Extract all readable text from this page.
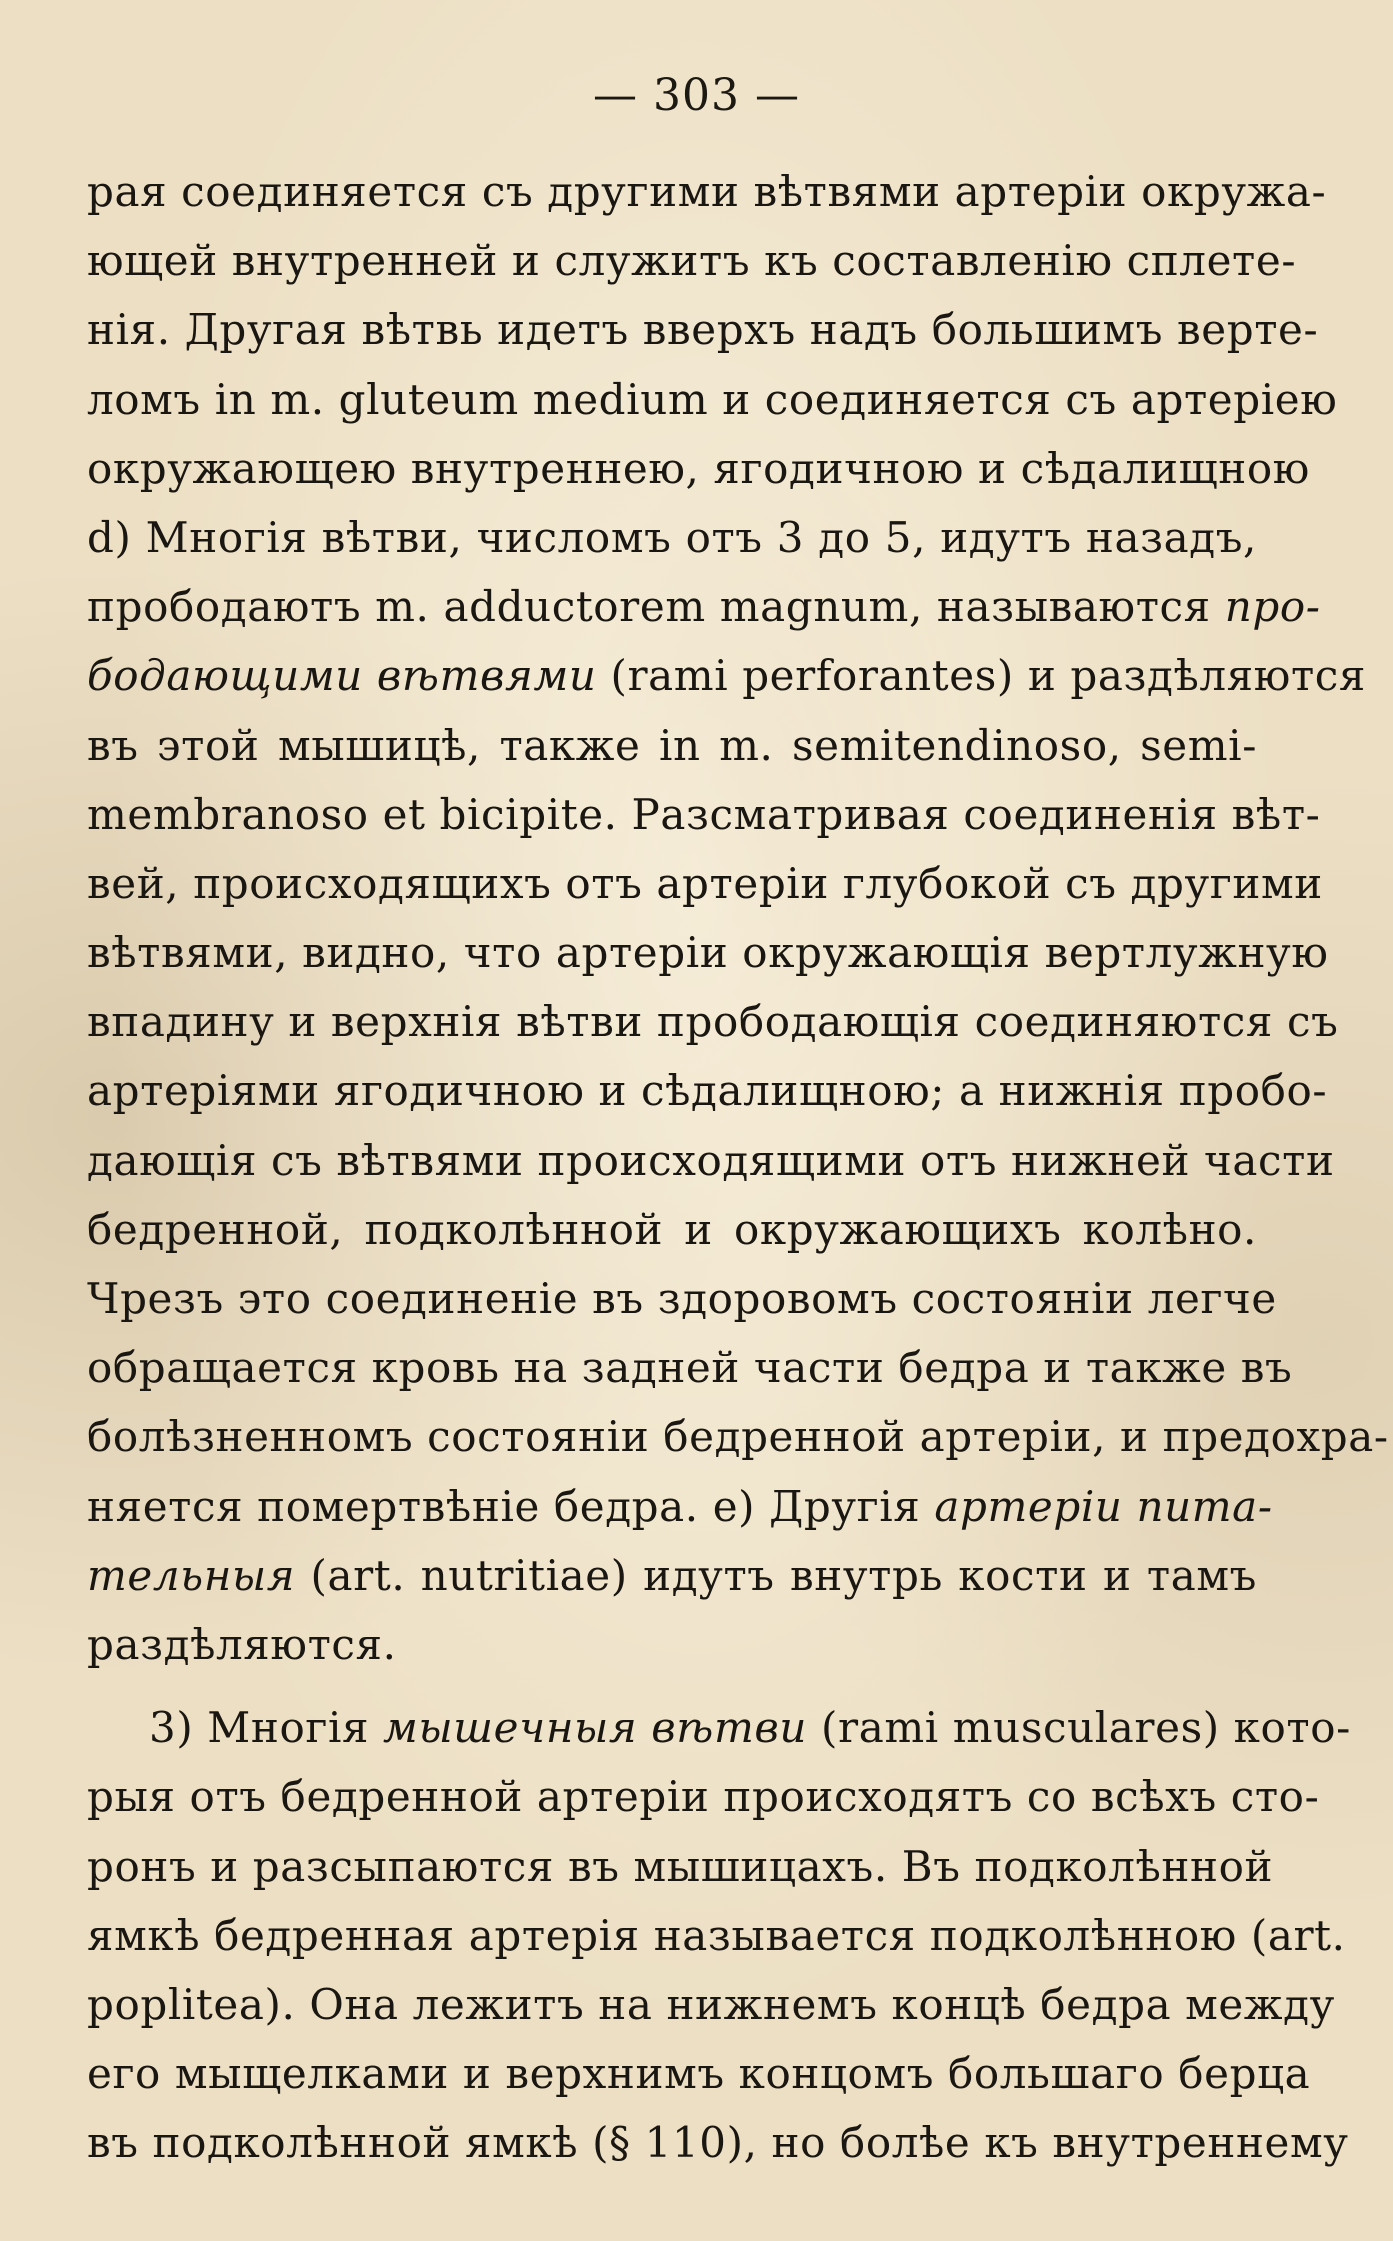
— 303 —
рая соединяется съ другими вѣтвями артеріи окружа-
ющей внутренней и служитъ къ составленію сплете-
нія. Другая вѣтвь идетъ вверхъ надъ большимъ верте-
ломъ in m. gluteum medium и соединяется съ артеріею
окружающею внутреннею, ягодичною и сѣдалищною
d) Многія вѣтви, числомъ отъ 3 до 5, идутъ назадъ,
прободаютъ m. adductorem magnum, называются про-
бодающими вѣтвями (rami perforantes) и раздѣляются
въ этой мышицѣ, также in m. semitendinoso, semi-
membranoso et bicipite. Разсматривая соединенія вѣт-
вей, происходящихъ отъ артеріи глубокой съ другими
вѣтвями, видно, что артеріи окружающія вертлужную
впадину и верхнія вѣтви прободающія соединяются съ
артеріями ягодичною и сѣдалищною; а нижнія пробо-
дающія съ вѣтвями происходящими отъ нижней части
бедренной, подколѣнной и окружающихъ колѣно.
Чрезъ это соединеніе въ здоровомъ состояніи легче
обращается кровь на задней части бедра и также въ
болѣзненномъ состояніи бедренной артеріи, и предохра-
няется помертвѣніе бедра. е) Другія артеріи пита-
тельныя (art. nutritiae) идутъ внутрь кости и тамъ
раздѣляются.
3) Многія мышечныя вѣтви (rami musculares) кото-
рыя отъ бедренной артеріи происходятъ со всѣхъ сто-
ронъ и разсыпаются въ мышицахъ. Въ подколѣнной
ямкѣ бедренная артерія называется подколѣнною (art.
poplitea). Она лежитъ на нижнемъ концѣ бедра между
его мыщелками и верхнимъ концомъ большаго берца
въ подколѣнной ямкѣ (§ 110), но болѣе къ внутреннему
